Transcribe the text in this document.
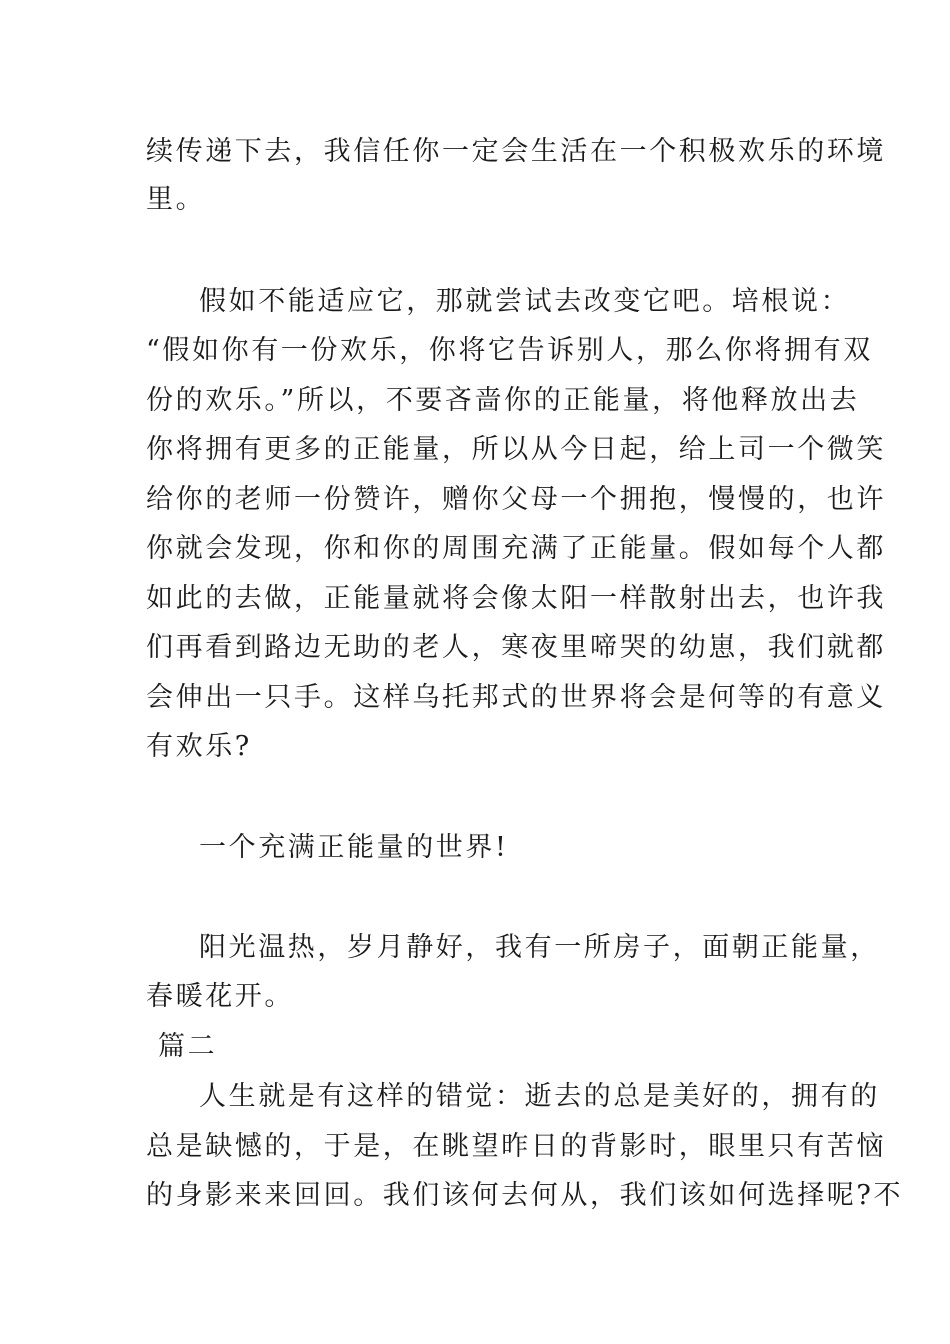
续传递下去，我信任你一定会生活在一个积极欢乐的环境
里。
假如不能适应它，那就尝试去改变它吧。培根说：
“假如你有一份欢乐，你将它告诉别人，那么你将拥有双
份的欢乐。”所以，不要吝啬你的正能量，将他释放出去
你将拥有更多的正能量，所以从今日起，给上司一个微笑
给你的老师一份赞许，赠你父母一个拥抱，慢慢的，也许
你就会发现，你和你的周围充满了正能量。假如每个人都
如此的去做，正能量就将会像太阳一样散射出去，也许我
们再看到路边无助的老人，寒夜里啼哭的幼崽，我们就都
会伸出一只手。这样乌托邦式的世界将会是何等的有意义
有欢乐?
一个充满正能量的世界!
阳光温热，岁月静好，我有一所房子，面朝正能量，
春暖花开。
篇二
人生就是有这样的错觉：逝去的总是美好的，拥有的
总是缺憾的，于是，在眺望昨日的背影时，眼里只有苦恼
的身影来来回回。我们该何去何从，我们该如何选择呢?不
